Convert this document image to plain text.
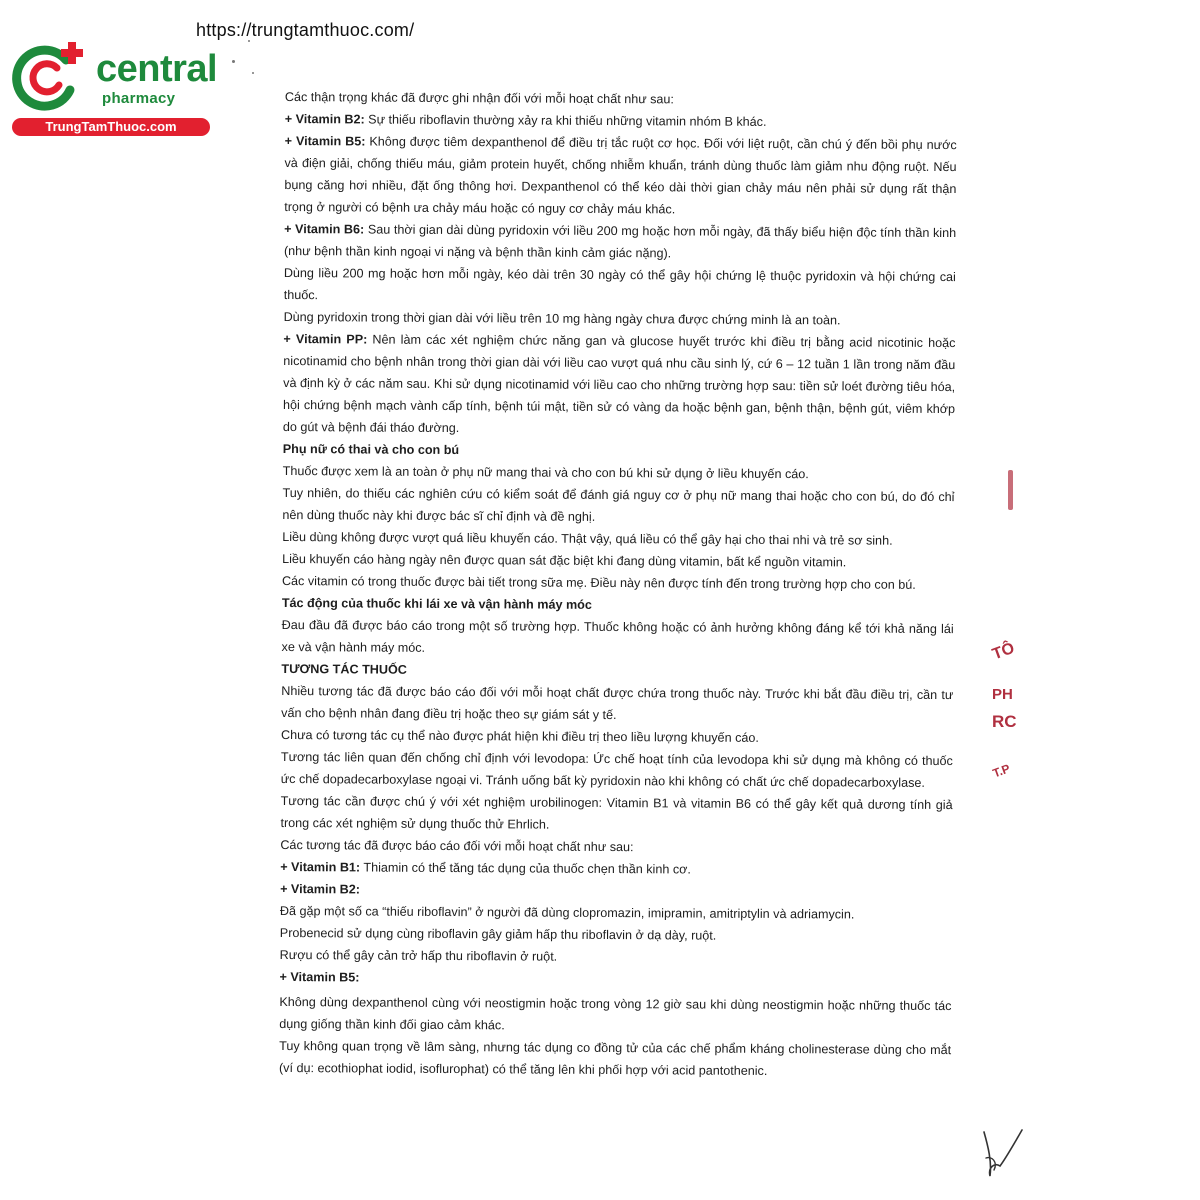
https://trungtamthuoc.com/
central
pharmacy
TrungTamThuoc.com

Các thận trọng khác đã được ghi nhận đối với mỗi hoạt chất như sau:

+ Vitamin B2: Sự thiếu riboflavin thường xảy ra khi thiếu những vitamin nhóm B khác.

+ Vitamin B5: Không được tiêm dexpanthenol để điều trị tắc ruột cơ học. Đối với liệt ruột, cần chú ý đến bồi phụ nước và điện giải, chống thiếu máu, giảm protein huyết, chống nhiễm khuẩn, tránh dùng thuốc làm giảm nhu động ruột. Nếu bụng căng hơi nhiều, đặt ống thông hơi. Dexpanthenol có thể kéo dài thời gian chảy máu nên phải sử dụng rất thận trọng ở người có bệnh ưa chảy máu hoặc có nguy cơ chảy máu khác.

+ Vitamin B6: Sau thời gian dài dùng pyridoxin với liều 200 mg hoặc hơn mỗi ngày, đã thấy biểu hiện độc tính thần kinh (như bệnh thần kinh ngoại vi nặng và bệnh thần kinh cảm giác nặng).

Dùng liều 200 mg hoặc hơn mỗi ngày, kéo dài trên 30 ngày có thể gây hội chứng lệ thuộc pyridoxin và hội chứng cai thuốc.

Dùng pyridoxin trong thời gian dài với liều trên 10 mg hàng ngày chưa được chứng minh là an toàn.

+ Vitamin PP: Nên làm các xét nghiệm chức năng gan và glucose huyết trước khi điều trị bằng acid nicotinic hoặc nicotinamid cho bệnh nhân trong thời gian dài với liều cao vượt quá nhu cầu sinh lý, cứ 6 – 12 tuần 1 lần trong năm đầu và định kỳ ở các năm sau. Khi sử dụng nicotinamid với liều cao cho những trường hợp sau: tiền sử loét đường tiêu hóa, hội chứng bệnh mạch vành cấp tính, bệnh túi mật, tiền sử có vàng da hoặc bệnh gan, bệnh thận, bệnh gút, viêm khớp do gút và bệnh đái tháo đường.

Phụ nữ có thai và cho con bú

Thuốc được xem là an toàn ở phụ nữ mang thai và cho con bú khi sử dụng ở liều khuyến cáo.

Tuy nhiên, do thiếu các nghiên cứu có kiểm soát để đánh giá nguy cơ ở phụ nữ mang thai hoặc cho con bú, do đó chỉ nên dùng thuốc này khi được bác sĩ chỉ định và đề nghị.

Liều dùng không được vượt quá liều khuyến cáo. Thật vậy, quá liều có thể gây hại cho thai nhi và trẻ sơ sinh.

Liều khuyến cáo hàng ngày nên được quan sát đặc biệt khi đang dùng vitamin, bất kể nguồn vitamin.

Các vitamin có trong thuốc được bài tiết trong sữa mẹ. Điều này nên được tính đến trong trường hợp cho con bú.

Tác động của thuốc khi lái xe và vận hành máy móc

Đau đầu đã được báo cáo trong một số trường hợp. Thuốc không hoặc có ảnh hưởng không đáng kể tới khả năng lái xe và vận hành máy móc.

TƯƠNG TÁC THUỐC

Nhiều tương tác đã được báo cáo đối với mỗi hoạt chất được chứa trong thuốc này. Trước khi bắt đầu điều trị, cần tư vấn cho bệnh nhân đang điều trị hoặc theo sự giám sát y tế.

Chưa có tương tác cụ thể nào được phát hiện khi điều trị theo liều lượng khuyến cáo.

Tương tác liên quan đến chống chỉ định với levodopa: Ức chế hoạt tính của levodopa khi sử dụng mà không có thuốc ức chế dopadecarboxylase ngoại vi. Tránh uống bất kỳ pyridoxin nào khi không có chất ức chế dopadecarboxylase.

Tương tác cần được chú ý với xét nghiệm urobilinogen: Vitamin B1 và vitamin B6 có thể gây kết quả dương tính giả trong các xét nghiệm sử dụng thuốc thử Ehrlich.

Các tương tác đã được báo cáo đối với mỗi hoạt chất như sau:

+ Vitamin B1: Thiamin có thể tăng tác dụng của thuốc chẹn thần kinh cơ.

+ Vitamin B2:

Đã gặp một số ca “thiếu riboflavin” ở người đã dùng clopromazin, imipramin, amitriptylin và adriamycin.

Probenecid sử dụng cùng riboflavin gây giảm hấp thu riboflavin ở dạ dày, ruột.

Rượu có thể gây cản trở hấp thu riboflavin ở ruột.

+ Vitamin B5:

Không dùng dexpanthenol cùng với neostigmin hoặc trong vòng 12 giờ sau khi dùng neostigmin hoặc những thuốc tác dụng giống thần kinh đối giao cảm khác.

Tuy không quan trọng về lâm sàng, nhưng tác dụng co đồng tử của các chế phẩm kháng cholinesterase dùng cho mắt (ví dụ: ecothiophat iodid, isoflurophat) có thể tăng lên khi phối hợp với acid pantothenic.

TÔ
PH
RC
T.P
